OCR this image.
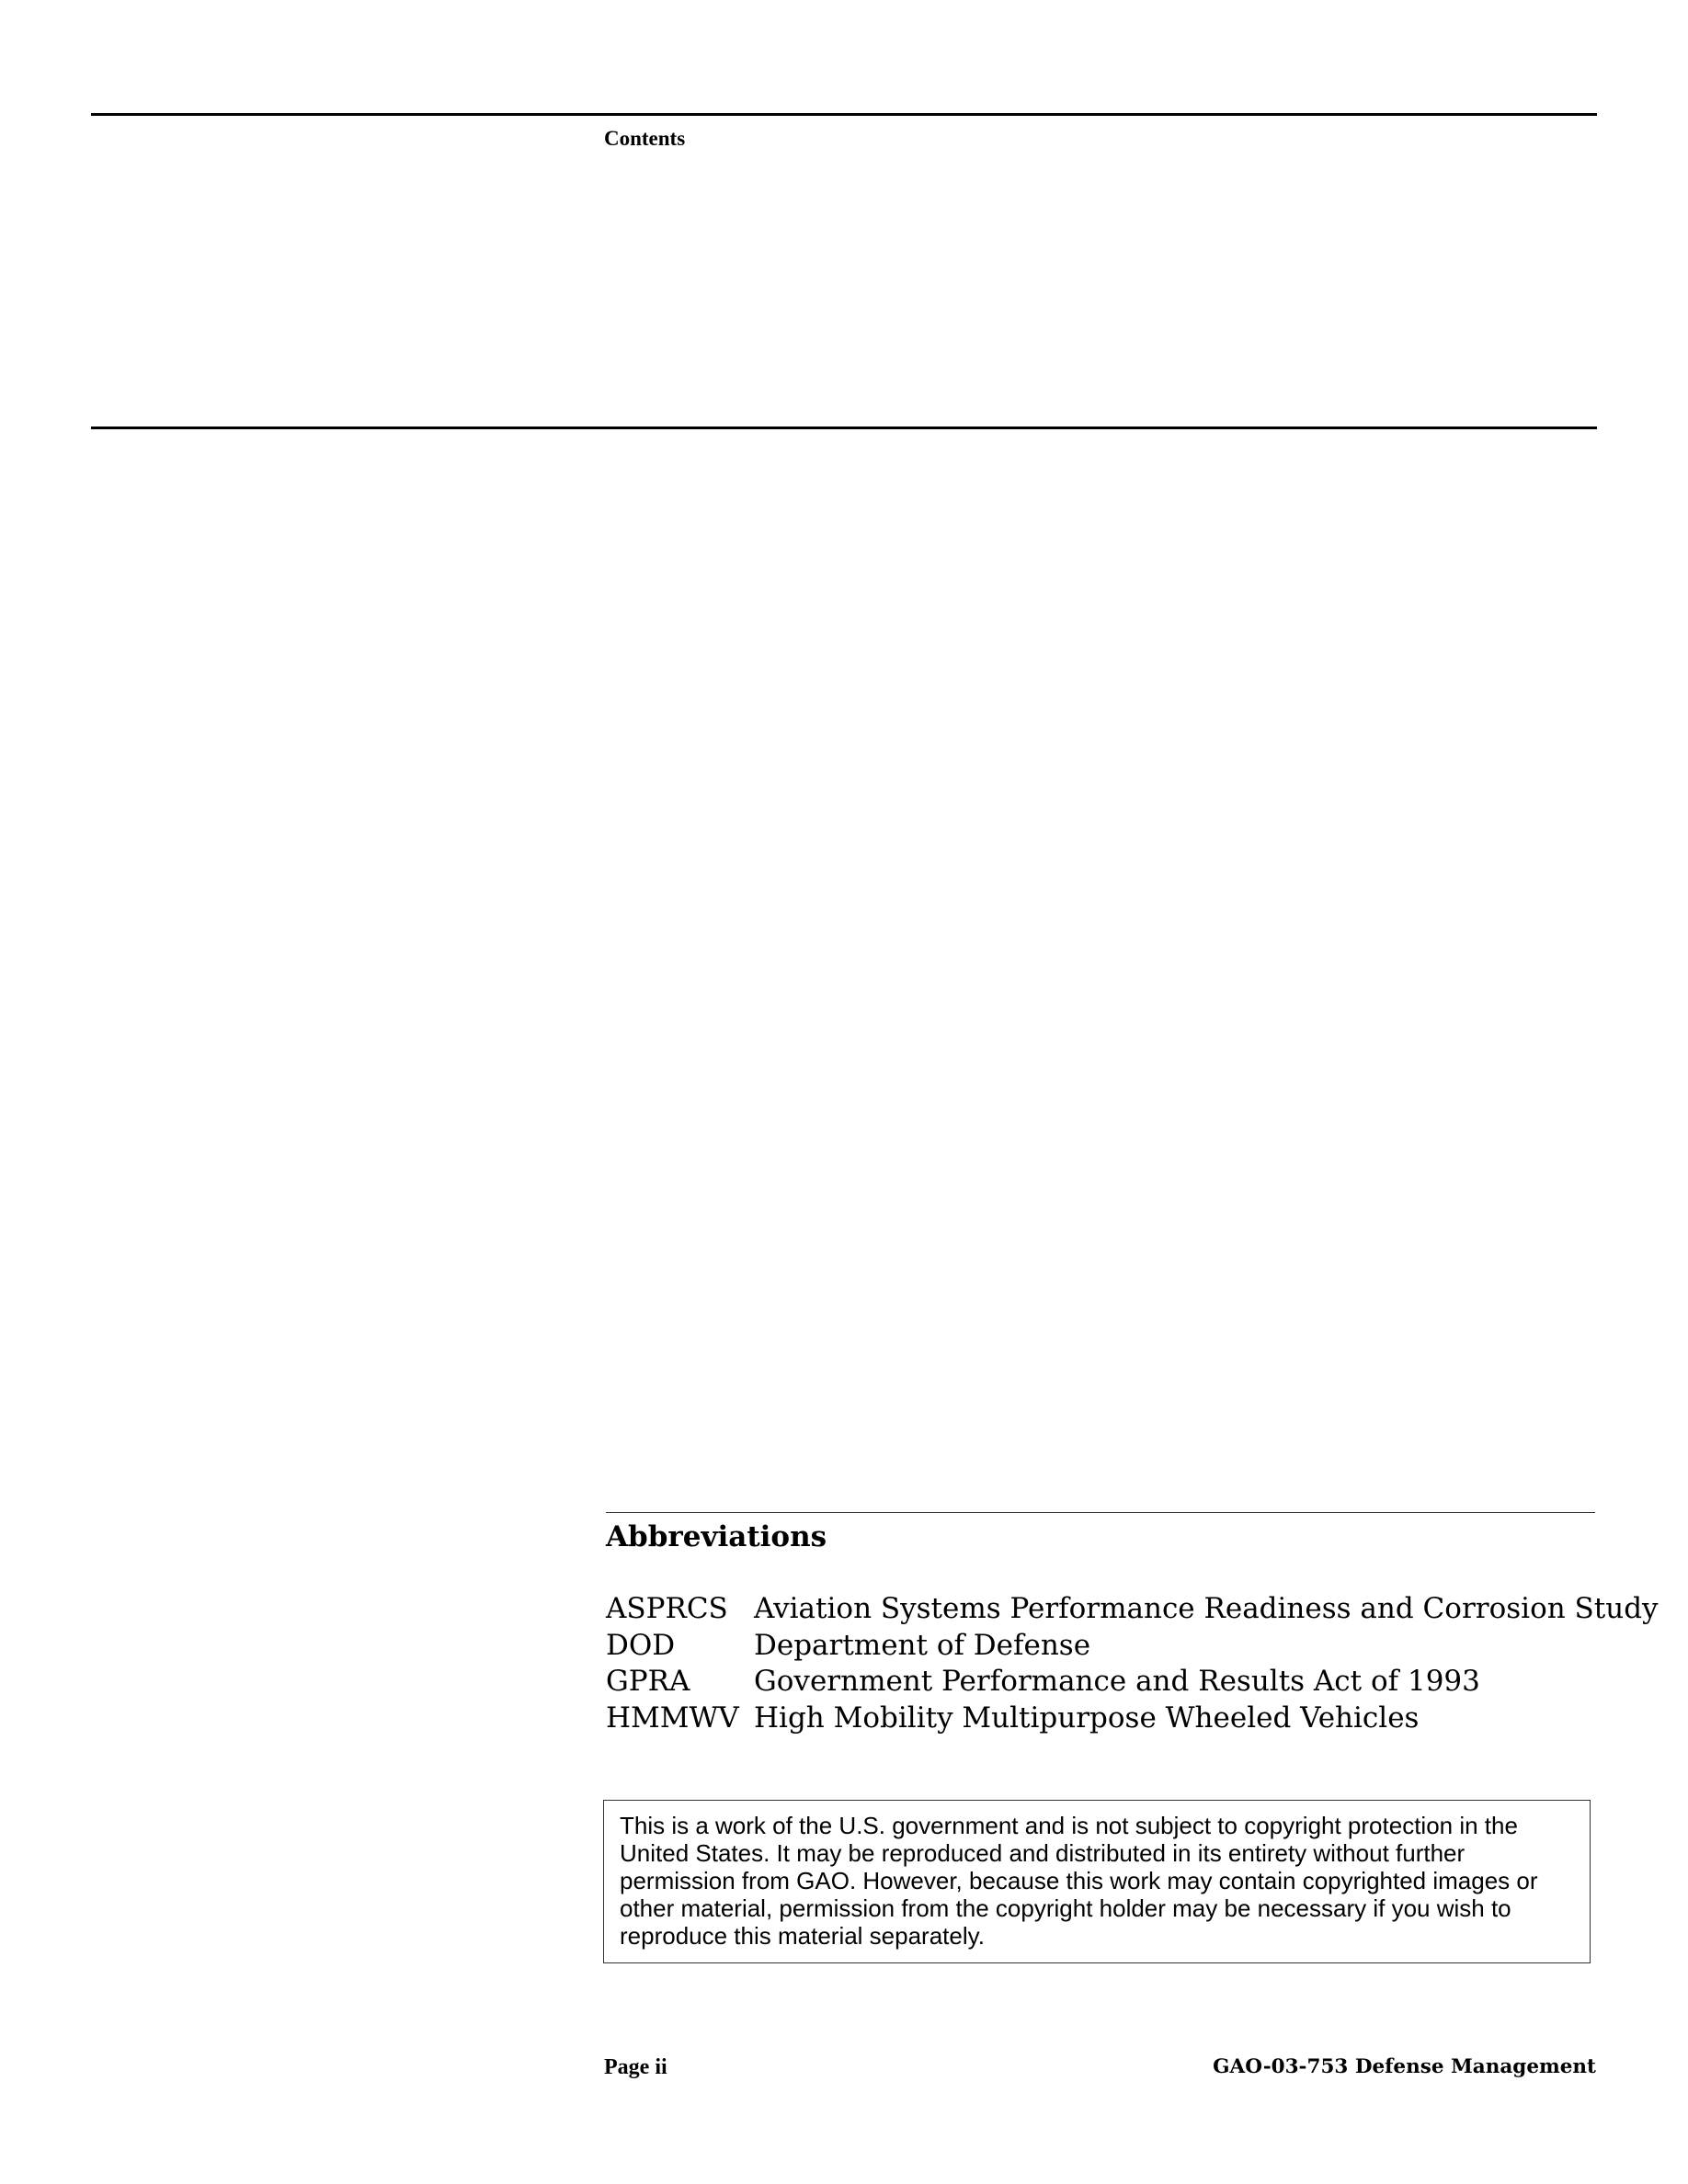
Contents
Abbreviations
ASPRCS Aviation Systems Performance Readiness and Corrosion Study
DOD	Department of Defense
GPRA	Government Performance and Results Act of 1993
HMMWV High Mobility Multipurpose Wheeled Vehicles
This is a work of the U.S. government and is not subject to copyright protection in the United States. It may be reproduced and distributed in its entirety without further permission from GAO. However, because this work may contain copyrighted images or other material, permission from the copyright holder may be necessary if you wish to reproduce this material separately.
Page ii	GAO-03-753 Defense Management
